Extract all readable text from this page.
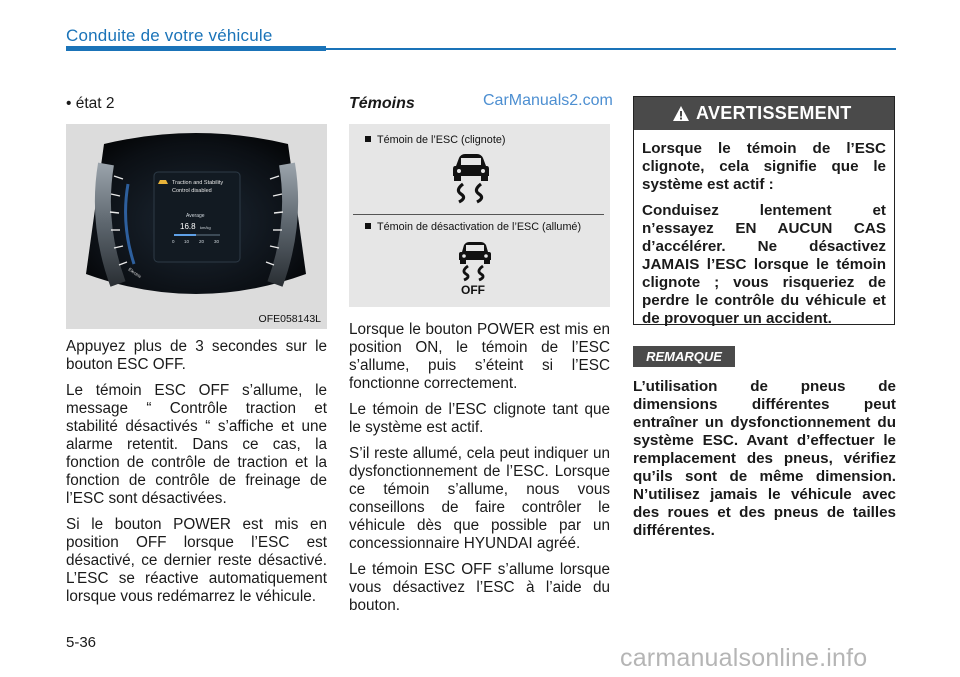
Conduite de votre véhicule
• état 2
Traction and Stability
Control disabled
Average
16.8 km/kg
0 10 20 30
Electric
OFE058143L

Appuyez plus de 3 secondes sur le bouton ESC OFF.

Le témoin ESC OFF s’allume, le message “ Contrôle traction et stabilité désactivés “ s’affiche et une alarme retentit. Dans ce cas, la fonction de contrôle de traction et la fonction de contrôle de freinage de l’ESC sont désactivées.

Si le bouton POWER est mis en position OFF lorsque l’ESC est désactivé, ce dernier reste désactivé. L’ESC se réactive automatiquement lorsque vous redémarrez le véhicule.

Témoins	CarManuals2.com
Témoin de l’ESC (clignote)
Témoin de désactivation de l’ESC (allumé)
OFF

Lorsque le bouton POWER est mis en position ON, le témoin de l’ESC s’allume, puis s’éteint si l’ESC fonctionne correctement.

Le témoin de l’ESC clignote tant que le système est actif.

S’il reste allumé, cela peut indiquer un dysfonctionnement de l’ESC. Lorsque ce témoin s’allume, nous vous conseillons de faire contrôler le véhicule dès que possible par un concessionnaire HYUNDAI agréé.

Le témoin ESC OFF s’allume lorsque vous désactivez l’ESC à l’aide du bouton.

AVERTISSEMENT

Lorsque le témoin de l’ESC clignote, cela signifie que le système est actif :

Conduisez lentement et n’essayez EN AUCUN CAS d’accélérer. Ne désactivez JAMAIS l’ESC lorsque le témoin clignote ; vous risqueriez de perdre le contrôle du véhicule et de provoquer un accident.

REMARQUE
L’utilisation de pneus de dimensions différentes peut entraîner un dysfonctionnement du système ESC. Avant d’effectuer le remplacement des pneus, vérifiez qu’ils sont de même dimension. N’utilisez jamais le véhicule avec des roues et des pneus de tailles différentes.
5-36
carmanualsonline.info
